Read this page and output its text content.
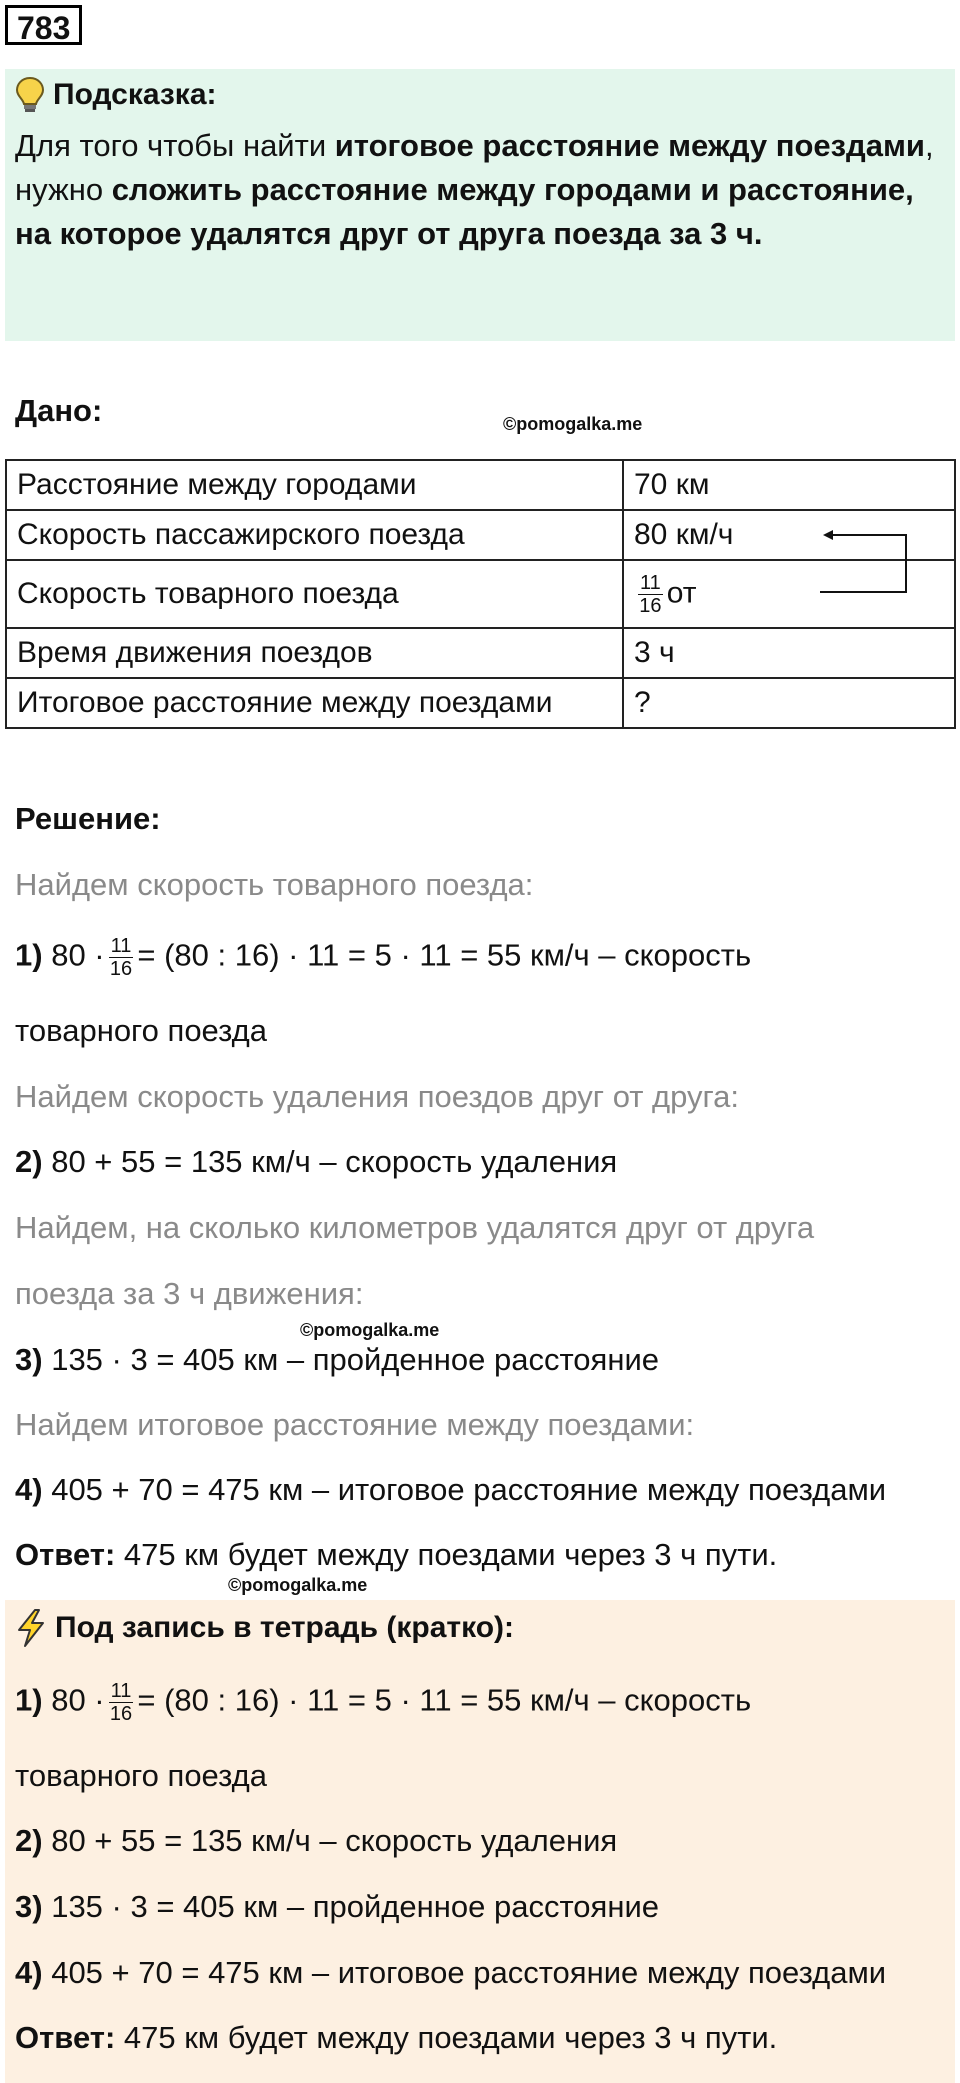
783
Подсказка:
Для того чтобы найти итоговое расстояние между поездами, нужно сложить расстояние между городами и расстояние, на которое удалятся друг от друга поезда за 3 ч.
Дано:	©pomogalka.me
Расстояние между городами	70 км
Скорость пассажирского поезда	80 км/ч
Скорость товарного поезда	$\frac{11}{16}$ от
Время движения поездов	3 ч
Итоговое расстояние между поездами	?
Решение:
Найдем скорость товарного поезда:
1) $80 \cdot \frac{11}{16} = (80$ : 16) · 11 = 5 · 11 = 55 км/ч – скорость
товарного поезда
Найдем скорость удаления поездов друг от друга:
2) 80 + 55 = 135 км/ч – скорость удаления
Найдем, на сколько километров удалятся друг от друга
поезда за 3 ч движения:
©pomogalka.me
3) 135 · 3 = 405 км – пройденное расстояние
Найдем итоговое расстояние между поездами:
4) 405 + 70 = 475 км – итоговое расстояние между поездами
Ответ: 475 км будет между поездами через 3 ч пути.
©pomogalka.me
Под запись в тетрадь (кратко):
1) $80 \cdot \frac{11}{16} = (80$ : 16) · 11 = 5 · 11 = 55 км/ч – скорость
товарного поезда
2) 80 + 55 = 135 км/ч – скорость удаления
3) 135 · 3 = 405 км – пройденное расстояние
4) 405 + 70 = 475 км – итоговое расстояние между поездами
Ответ: 475 км будет между поездами через 3 ч пути.
